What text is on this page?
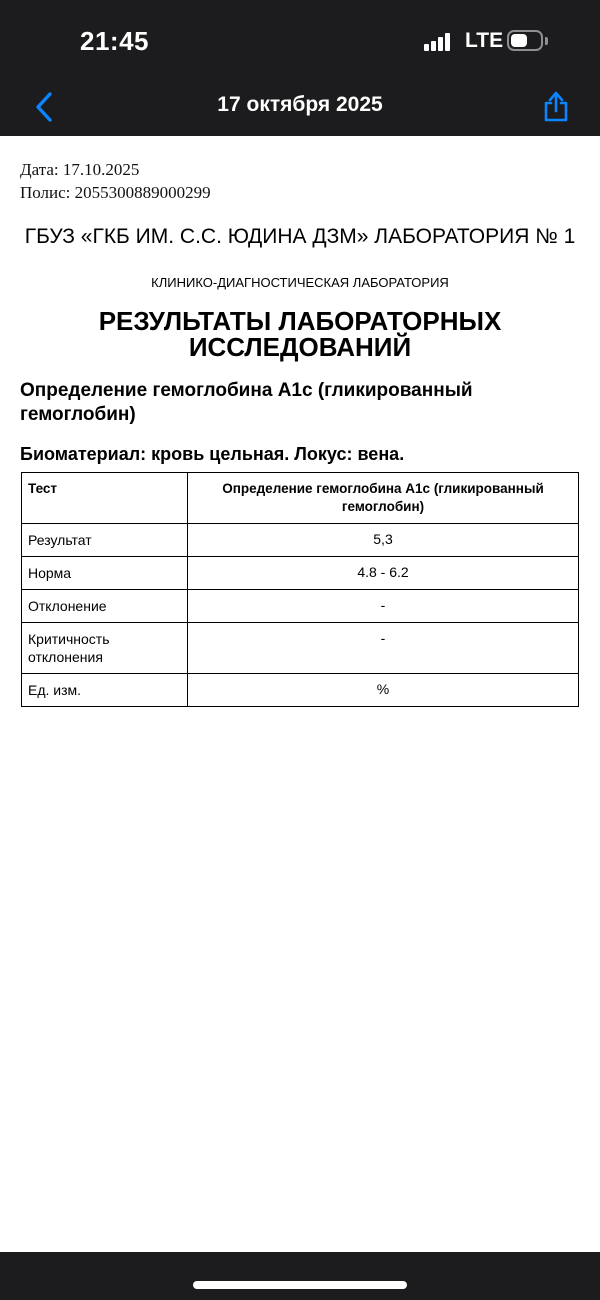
21:45	LTE
17 октября 2025
Дата: 17.10.2025
Полис: 2055300889000299
ГБУЗ «ГКБ ИМ. С.С. ЮДИНА ДЗМ» ЛАБОРАТОРИЯ № 1
КЛИНИКО-ДИАГНОСТИЧЕСКАЯ ЛАБОРАТОРИЯ
РЕЗУЛЬТАТЫ ЛАБОРАТОРНЫХ ИССЛЕДОВАНИЙ
Определение гемоглобина А1с (гликированный гемоглобин)
Биоматериал: кровь цельная. Локус: вена.
Тест	Определение гемоглобина А1с (гликированный гемоглобин)
Результат	5,3
Норма	4.8 - 6.2
Отклонение	-
Критичность отклонения	-
Ед. изм.	%
